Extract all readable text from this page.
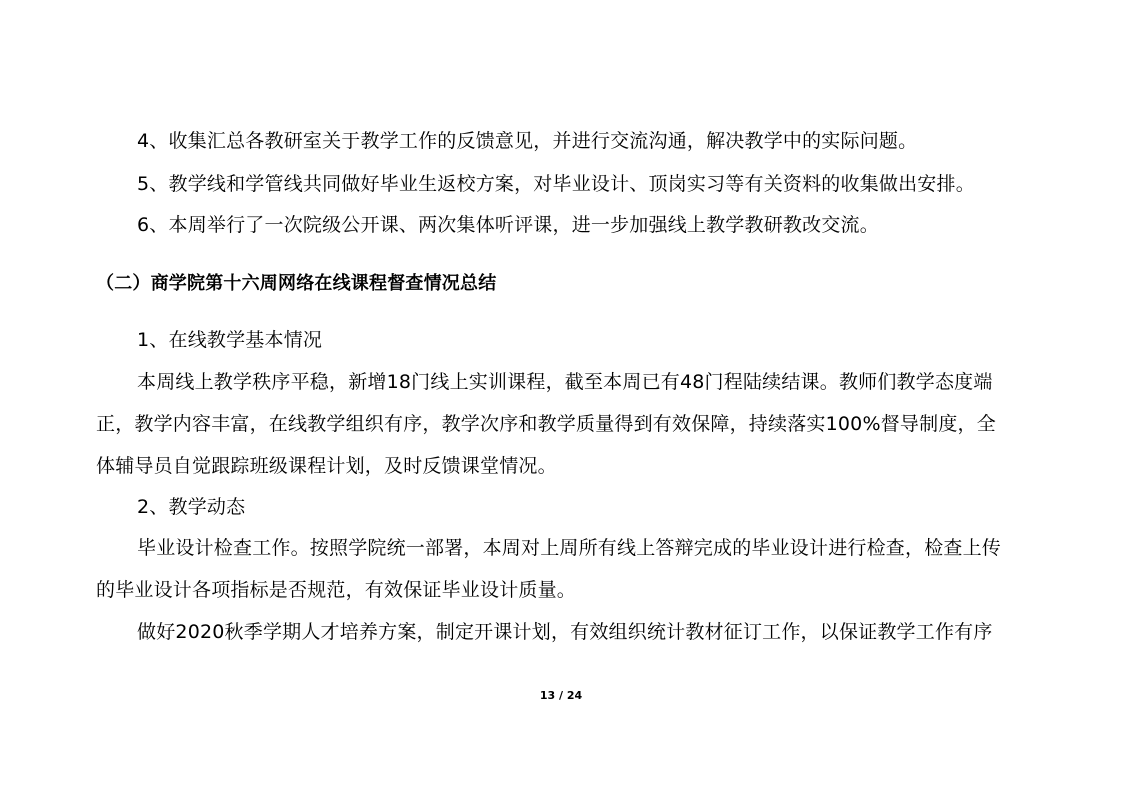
4、收集汇总各教研室关于教学工作的反馈意见，并进行交流沟通，解决教学中的实际问题。
5、教学线和学管线共同做好毕业生返校方案，对毕业设计、顶岗实习等有关资料的收集做出安排。
6、本周举行了一次院级公开课、两次集体听评课，进一步加强线上教学教研教改交流。
（二）商学院第十六周网络在线课程督查情况总结
1、在线教学基本情况
本周线上教学秩序平稳，新增18门线上实训课程，截至本周已有48门程陆续结课。教师们教学态度端
正，教学内容丰富，在线教学组织有序，教学次序和教学质量得到有效保障，持续落实100%督导制度，全
体辅导员自觉跟踪班级课程计划，及时反馈课堂情况。
2、教学动态
毕业设计检查工作。按照学院统一部署，本周对上周所有线上答辩完成的毕业设计进行检查，检查上传
的毕业设计各项指标是否规范，有效保证毕业设计质量。
做好2020秋季学期人才培养方案，制定开课计划，有效组织统计教材征订工作，以保证教学工作有序
13 / 24
